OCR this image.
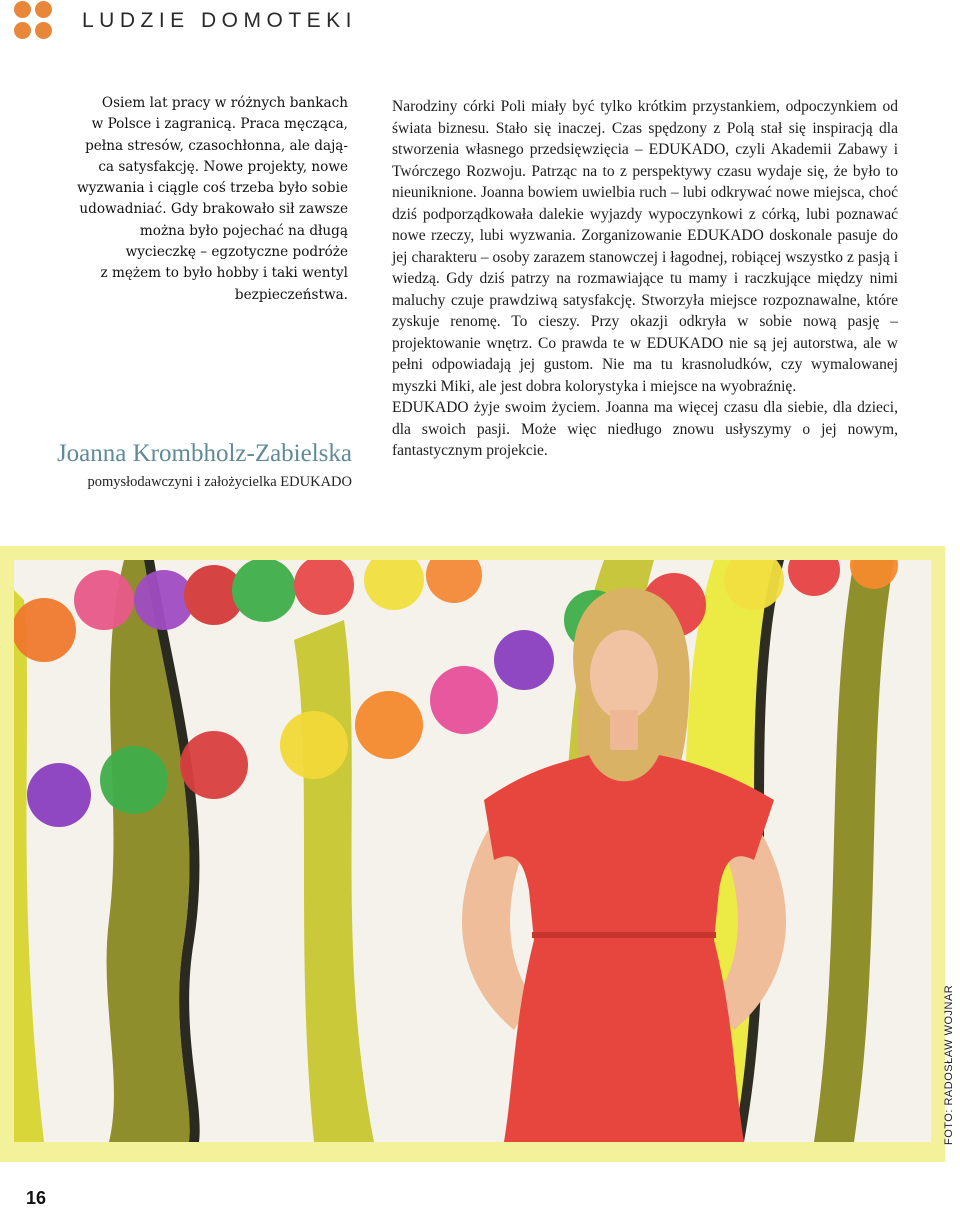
LUDZIE DOMOTEKI
Osiem lat pracy w różnych bankach
w Polsce i zagranicą. Praca męcząca,
pełna stresów, czasochłonna, ale dają-
ca satysfakcję. Nowe projekty, nowe
wyzwania i ciągle coś trzeba było sobie
udowadniać. Gdy brakowało sił zawsze
można było pojechać na długą
wycieczkę – egzotyczne podróże
z mężem to było hobby i taki wentyl
bezpieczeństwa.
Joanna Krombholz-Zabielska
pomysłodawczyni i założycielka EDUKADO

Narodziny córki Poli miały być tylko krótkim przystankiem, odpoczynkiem od świata biznesu. Stało się inaczej. Czas spędzony z Polą stał się inspiracją dla stworzenia własnego przedsięwzięcia – EDUKADO, czyli Akademii Zabawy i Twórczego Rozwoju. Patrząc na to z perspektywy czasu wydaje się, że było to nieuniknione. Joanna bowiem uwielbia ruch – lubi odkrywać nowe miejsca, choć dziś podporządkowała dalekie wyjazdy wypoczynkowi z córką, lubi poznawać nowe rzeczy, lubi wyzwania. Zorganizowanie EDUKADO doskonale pasuje do jej charakteru – osoby zarazem stanowczej i łagodnej, robiącej wszystko z pasją i wiedzą. Gdy dziś patrzy na rozmawiające tu mamy i raczkujące między nimi maluchy czuje prawdziwą satysfakcję. Stworzyła miejsce rozpoznawalne, które zyskuje renomę. To cieszy. Przy okazji odkryła w sobie nową pasję – projektowanie wnętrz. Co prawda te w EDUKADO nie są jej autorstwa, ale w pełni odpowiadają jej gustom. Nie ma tu krasnoludków, czy wymalowanej myszki Miki, ale jest dobra kolorystyka i miejsce na wyobraźnię.

EDUKADO żyje swoim życiem. Joanna ma więcej czasu dla siebie, dla dzieci, dla swoich pasji. Może więc niedługo znowu usłyszymy o jej nowym, fantastycznym projekcie.

FOTO: RADOSŁAW WOJNAR
16
